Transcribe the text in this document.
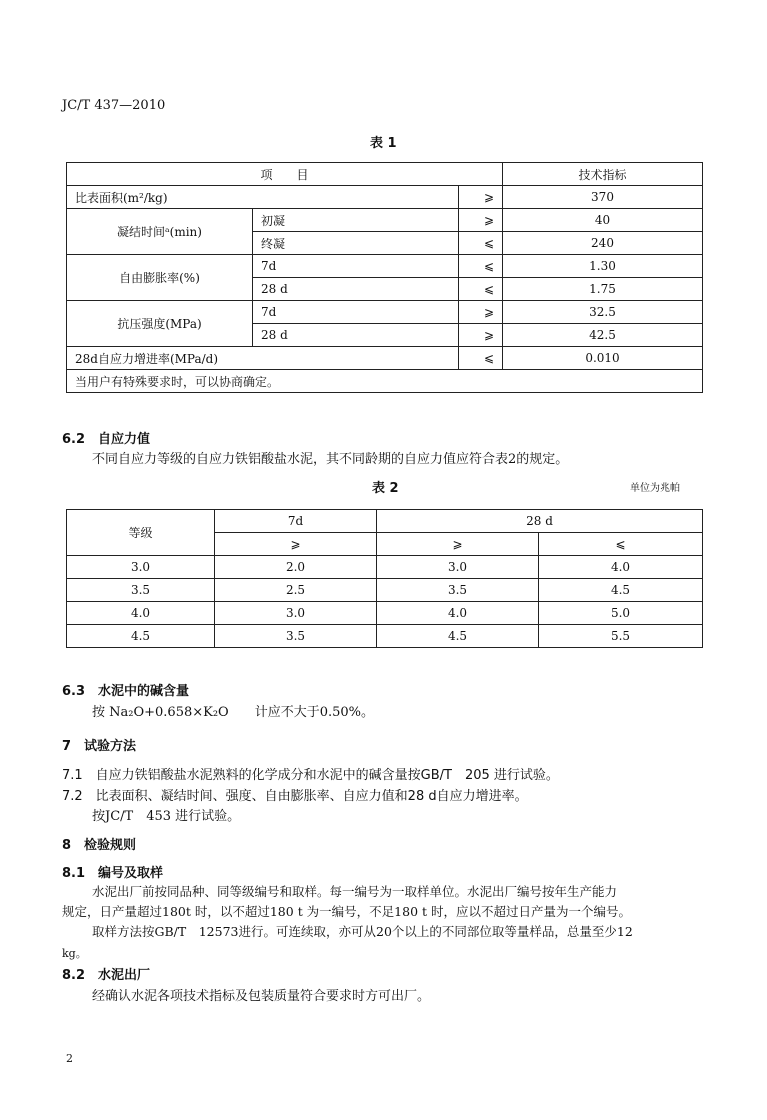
JC/T 437—2010
表 1
项　　目			技术指标
比表面积(m²/kg)		⩾	370
凝结时间ᵃ(min)	初凝	⩾	40
	终凝	⩽	240
自由膨胀率(%)	7d	⩽	1.30
	28 d	⩽	1.75
抗压强度(MPa)	7d	⩾	32.5
	28 d	⩾	42.5
28d自应力增进率(MPa/d)		⩽	0.010
当用户有特殊要求时，可以协商确定。			
6.2　自应力值
不同自应力等级的自应力铁铝酸盐水泥，其不同龄期的自应力值应符合表2的规定。
表 2	单位为兆帕
等级	7d	28 d	
	⩾	⩾	⩽
3.0	2.0	3.0	4.0
3.5	2.5	3.5	4.5
4.0	3.0	4.0	5.0
4.5	3.5	4.5	5.5
6.3　水泥中的碱含量
按 Na₂O+0.658×K₂O　　计应不大于0.50%。
7　试验方法
7.1　自应力铁铝酸盐水泥熟料的化学成分和水泥中的碱含量按GB/T　205 进行试验。
7.2　比表面积、凝结时间、强度、自由膨胀率、自应力值和28 d自应力增进率。
按JC/T　453 进行试验。
8　检验规则
8.1　编号及取样
水泥出厂前按同品种、同等级编号和取样。每一编号为一取样单位。水泥出厂编号按年生产能力
规定，日产量超过180t 时，以不超过180 t 为一编号，不足180 t 时，应以不超过日产量为一个编号。
取样方法按GB/T　12573进行。可连续取，亦可从20个以上的不同部位取等量样品，总量至少12
kg。
8.2　水泥出厂
经确认水泥各项技术指标及包装质量符合要求时方可出厂。
2
